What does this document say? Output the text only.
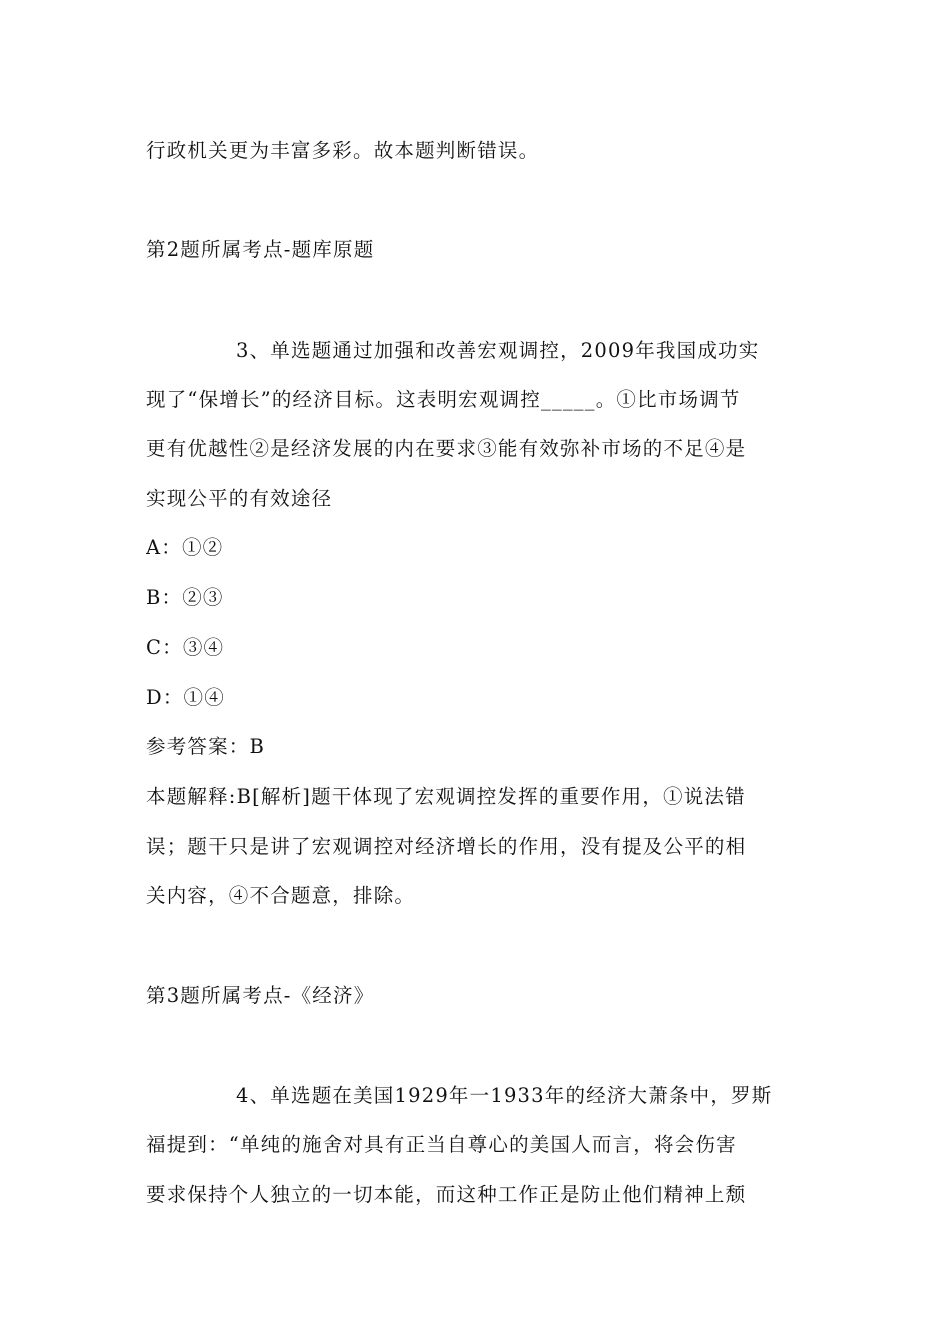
行政机关更为丰富多彩。故本题判断错误。
第2题所属考点-题库原题
3、单选题通过加强和改善宏观调控，2009年我国成功实
现了“保增长”的经济目标。这表明宏观调控_____。①比市场调节
更有优越性②是经济发展的内在要求③能有效弥补市场的不足④是
实现公平的有效途径
A：①②
B：②③
C：③④
D：①④
参考答案：B
本题解释:B[解析]题干体现了宏观调控发挥的重要作用，①说法错
误；题干只是讲了宏观调控对经济增长的作用，没有提及公平的相
关内容，④不合题意，排除。
第3题所属考点-《经济》
4、单选题在美国1929年一1933年的经济大萧条中，罗斯
福提到：“单纯的施舍对具有正当自尊心的美国人而言，将会伤害
要求保持个人独立的一切本能，而这种工作正是防止他们精神上颓
